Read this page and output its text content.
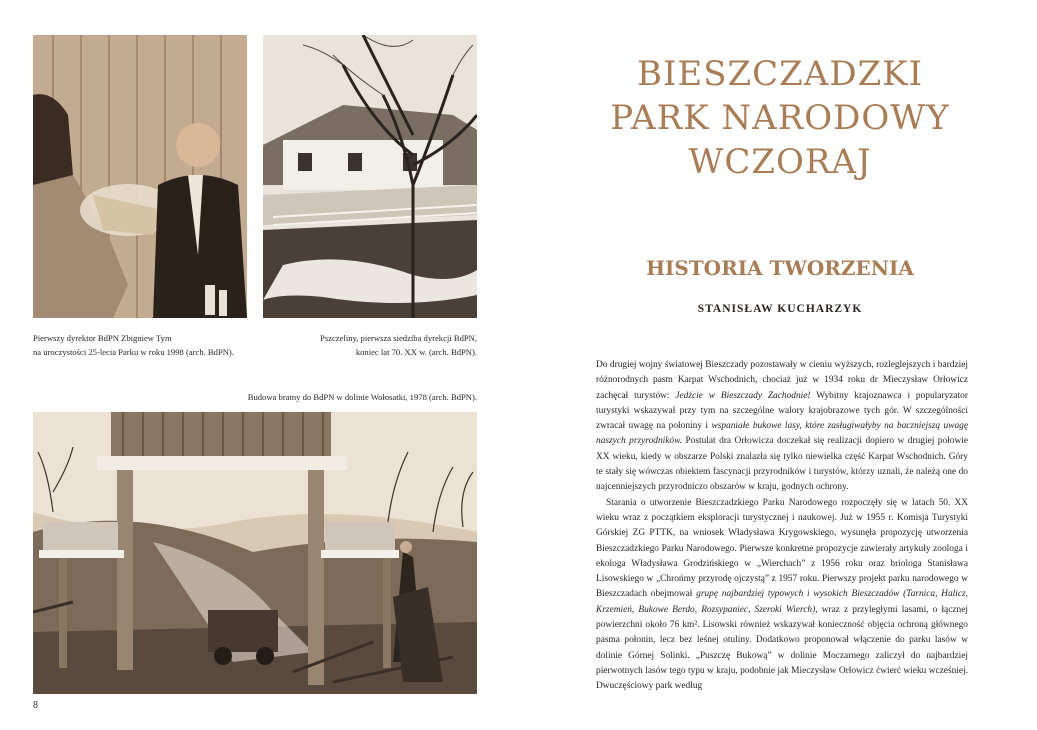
Pierwszy dyrektor BdPN Zbigniew Tym
na uroczystości 25-lecia Parku w roku 1998 (arch. BdPN).
Pszczeliny, pierwsza siedziba dyrekcji BdPN,
koniec lat 70. XX w. (arch. BdPN).
Budowa bramy do BdPN w dolinie Wołosatki, 1978 (arch. BdPN).
8
BIESZCZADZKI
PARK NARODOWY
WCZORAJ
HISTORIA TWORZENIA
STANISŁAW KUCHARZYK

Do drugiej wojny światowej Bieszczady pozostawały w cieniu wyższych, rozleglejszych i bardziej różnorodnych pasm Karpat Wschodnich, chociaż już w 1934 roku dr Mieczysław Orłowicz zachęcał turystów: Jedźcie w Bieszczady Zachodnie! Wybitny krajoznawca i popularyzator turystyki wskazywał przy tym na szczególne walory krajobrazowe tych gór. W szczególności zwracał uwagę na połoniny i wspaniałe bukowe lasy, które zasługiwałyby na baczniejszą uwagę naszych przyrodników. Postulat dra Orłowicza doczekał się realizacji dopiero w drugiej połowie XX wieku, kiedy w obszarze Polski znalazła się tylko niewielka część Karpat Wschodnich. Góry te stały się wówczas obiektem fascynacji przyrodników i turystów, którzy uznali, że należą one do najcenniejszych przyrodniczo obszarów w kraju, godnych ochrony.

Starania o utworzenie Bieszczadzkiego Parku Narodowego rozpoczęły się w latach 50. XX wieku wraz z początkiem eksploracji turystycznej i naukowej. Już w 1955 r. Komisja Turystyki Górskiej ZG PTTK, na wniosek Władysława Krygowskiego, wysunęła propozycję utworzenia Bieszczadzkiego Parku Narodowego. Pierwsze konkretne propozycje zawierały artykuły zoologa i ekologa Władysława Grodzińskiego w „Wierchach” z 1956 roku oraz briologa Stanisława Lisowskiego w „Chrońmy przyrodę ojczystą” z 1957 roku. Pierwszy projekt parku narodowego w Bieszczadach obejmował grupę najbardziej typowych i wysokich Bieszczadów (Tarnica, Halicz, Krzemień, Bukowe Berdo, Rozsypaniec, Szeroki Wierch), wraz z przyległymi lasami, o łącznej powierzchni około 76 km². Lisowski również wskazywał konieczność objęcia ochroną głównego pasma połonin, lecz bez leśnej otuliny. Dodatkowo proponował włączenie do parku lasów w dolinie Górnej Solinki. „Puszczę Bukową” w dolinie Moczarnego zaliczył do najbardziej pierwotnych lasów tego typu w kraju, podobnie jak Mieczysław Orłowicz ćwierć wieku wcześniej. Dwuczęściowy park według
